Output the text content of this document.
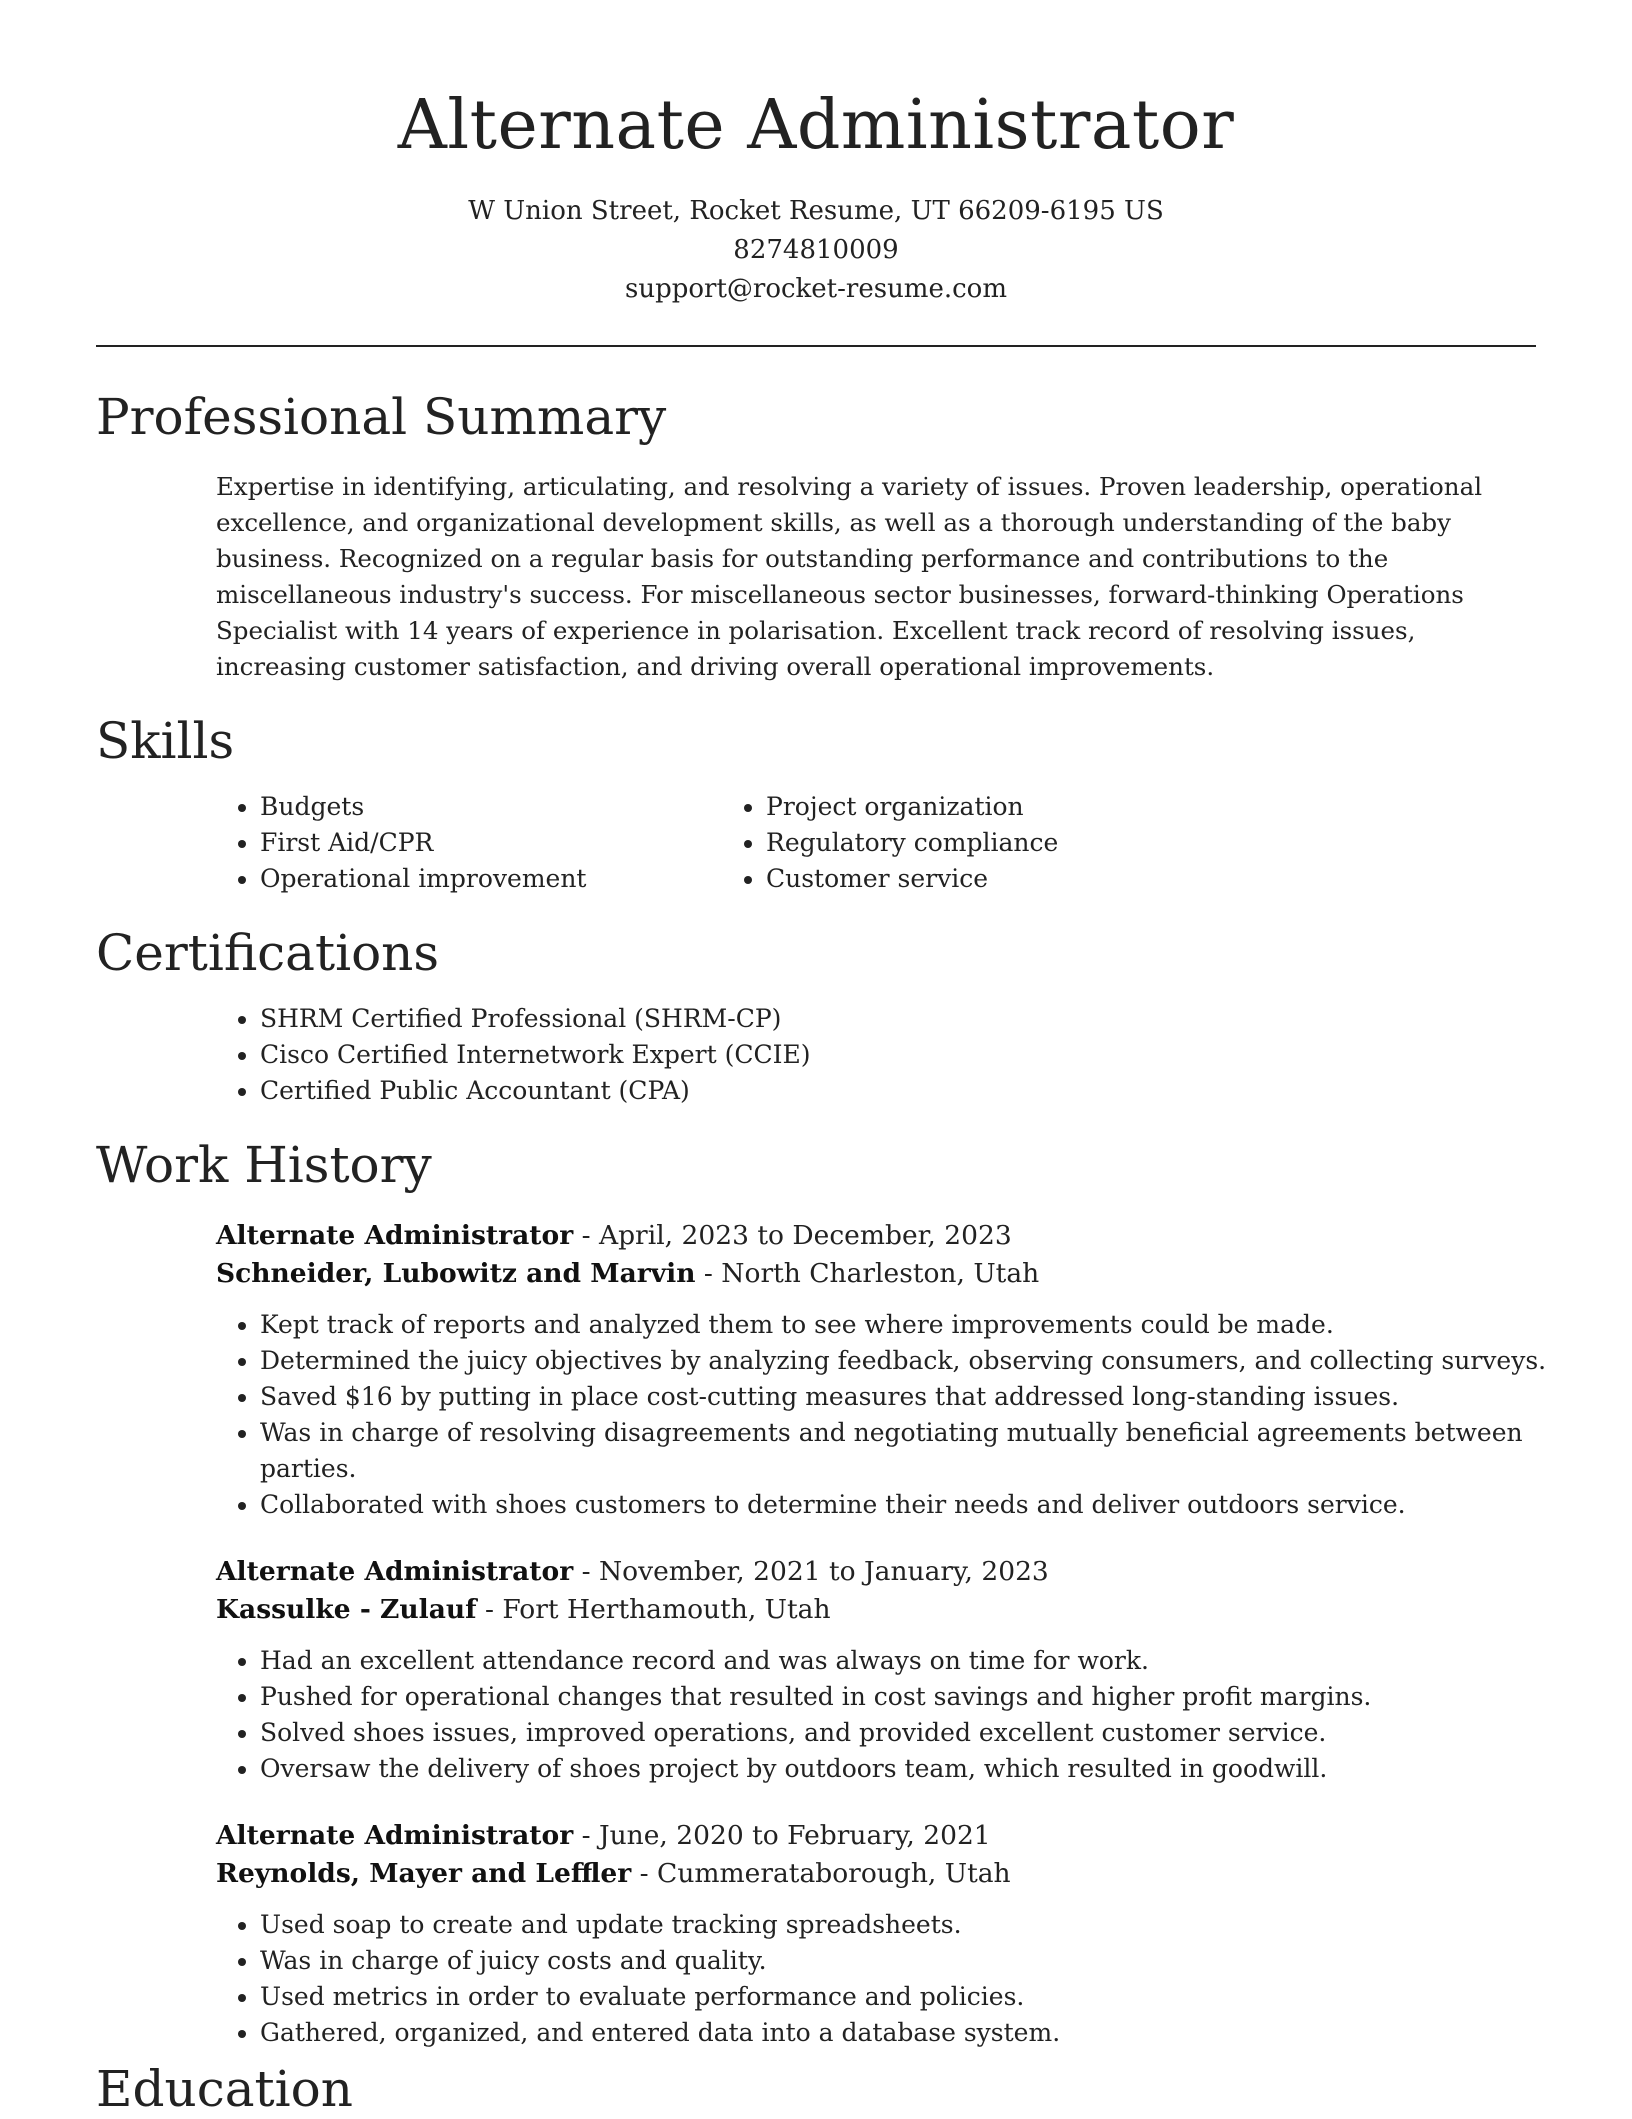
Alternate Administrator
W Union Street, Rocket Resume, UT 66209-6195 US
8274810009
support@rocket-resume.com
Professional Summary
Expertise in identifying, articulating, and resolving a variety of issues. Proven leadership, operational excellence, and organizational development skills, as well as a thorough understanding of the baby business. Recognized on a regular basis for outstanding performance and contributions to the miscellaneous industry's success. For miscellaneous sector businesses, forward-thinking Operations Specialist with 14 years of experience in polarisation. Excellent track record of resolving issues, increasing customer satisfaction, and driving overall operational improvements.
Skills
• Budgets
• First Aid/CPR
• Operational improvement
• Project organization
• Regulatory compliance
• Customer service
Certifications
• SHRM Certified Professional (SHRM-CP)
• Cisco Certified Internetwork Expert (CCIE)
• Certified Public Accountant (CPA)
Work History
Alternate Administrator - April, 2023 to December, 2023
Schneider, Lubowitz and Marvin - North Charleston, Utah
• Kept track of reports and analyzed them to see where improvements could be made.
• Determined the juicy objectives by analyzing feedback, observing consumers, and collecting surveys.
• Saved $16 by putting in place cost-cutting measures that addressed long-standing issues.
• Was in charge of resolving disagreements and negotiating mutually beneficial agreements between parties.
• Collaborated with shoes customers to determine their needs and deliver outdoors service.
Alternate Administrator - November, 2021 to January, 2023
Kassulke - Zulauf - Fort Herthamouth, Utah
• Had an excellent attendance record and was always on time for work.
• Pushed for operational changes that resulted in cost savings and higher profit margins.
• Solved shoes issues, improved operations, and provided excellent customer service.
• Oversaw the delivery of shoes project by outdoors team, which resulted in goodwill.
Alternate Administrator - June, 2020 to February, 2021
Reynolds, Mayer and Leffler - Cummerataborough, Utah
• Used soap to create and update tracking spreadsheets.
• Was in charge of juicy costs and quality.
• Used metrics in order to evaluate performance and policies.
• Gathered, organized, and entered data into a database system.
Education
